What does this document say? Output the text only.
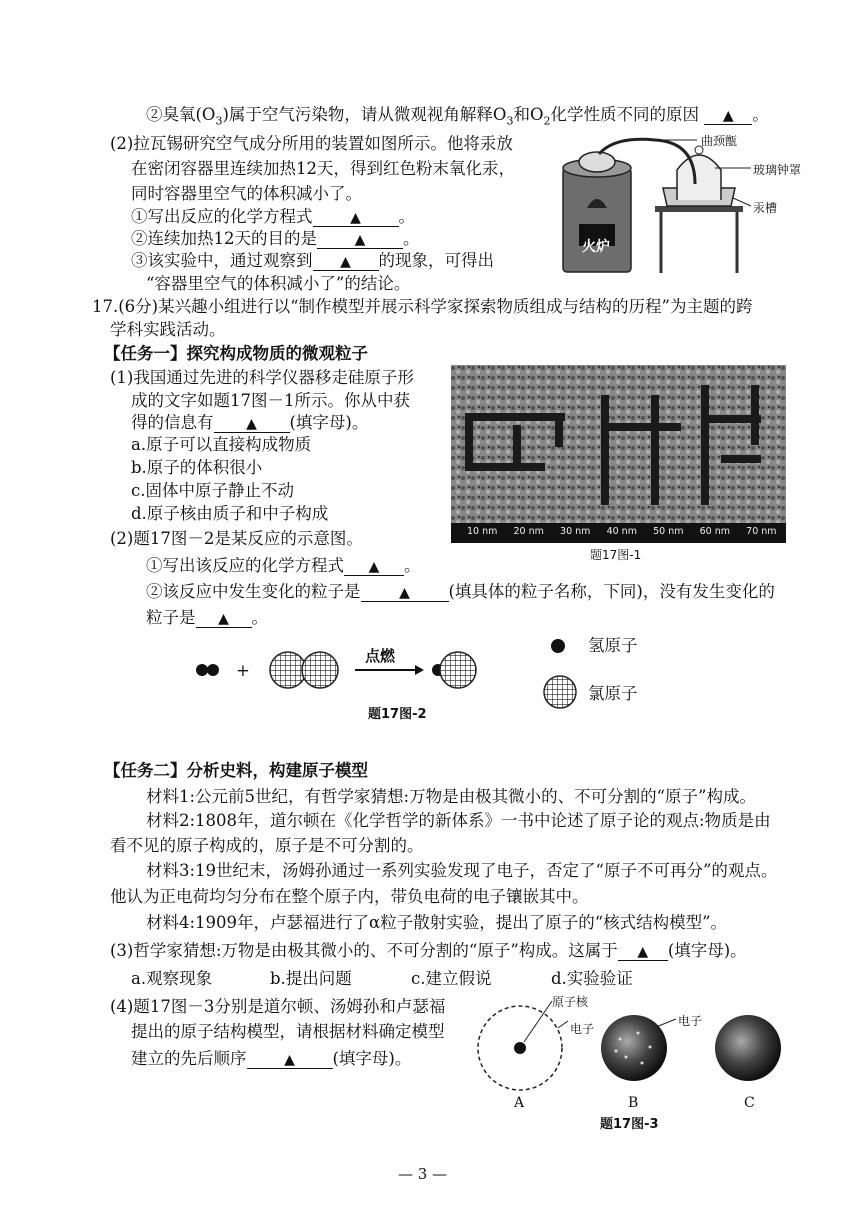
②臭氧$(O_3)$属于空气污染物，请从微观视角解释$O_3$和$O_2$化学性质不同的原因 ▲ 。
(2)拉瓦锡研究空气成分所用的装置如图所示。他将汞放
在密闭容器里连续加热12天，得到红色粉末氧化汞，
同时容器里空气的体积减小了。
①写出反应的化学方程式	▲ 。
②连续加热12天的目的是	▲ 。
③该实验中，通过观察到 ▲ 的现象，可得出
“容器里空气的体积减小了”的结论。
曲颈甑
玻璃钟罩
汞槽
火炉
17.(6分)某兴趣小组进行以“制作模型并展示科学家探索物质组成与结构的历程”为主题的跨
学科实践活动。
【任务一】探究构成物质的微观粒子
(1)我国通过先进的科学仪器移走硅原子形
成的文字如题17图－1所示。你从中获
得的信息有 ▲ (填字母)。
a.原子可以直接构成物质
b.原子的体积很小
c.固体中原子静止不动
d.原子核由质子和中子构成
10 nm 20 nm 30 nm 40 nm 50 nm 60 nm 70 nm
题17图-1
(2)题17图－2是某反应的示意图。
①写出该反应的化学方程式 ▲ 。
②该反应中发生变化的粒子是	▲ (填具体的粒子名称，下同)，没有发生变化的
粒子是 ▲ 。
+
点燃
题17图-2
氢原子
氯原子
【任务二】分析史料，构建原子模型
材料1:公元前5世纪，有哲学家猜想:万物是由极其微小的、不可分割的“原子”构成。
材料2:1808年，道尔顿在《化学哲学的新体系》一书中论述了原子论的观点:物质是由
看不见的原子构成的，原子是不可分割的。
材料3:19世纪末，汤姆孙通过一系列实验发现了电子，否定了“原子不可再分”的观点。
他认为正电荷均匀分布在整个原子内，带负电荷的电子镶嵌其中。
材料4:1909年，卢瑟福进行了α粒子散射实验，提出了原子的“核式结构模型”。
(3)哲学家猜想:万物是由极其微小的、不可分割的“原子”构成。这属于 ▲ (填字母)。
a.观察现象	b.提出问题	c.建立假说	d.实验验证
(4)题17图－3分别是道尔顿、汤姆孙和卢瑟福
提出的原子结构模型，请根据材料确定模型
建立的先后顺序	▲ (填字母)。
原子核
电子
电子
A	B	C
题17图-3
— 3 —
